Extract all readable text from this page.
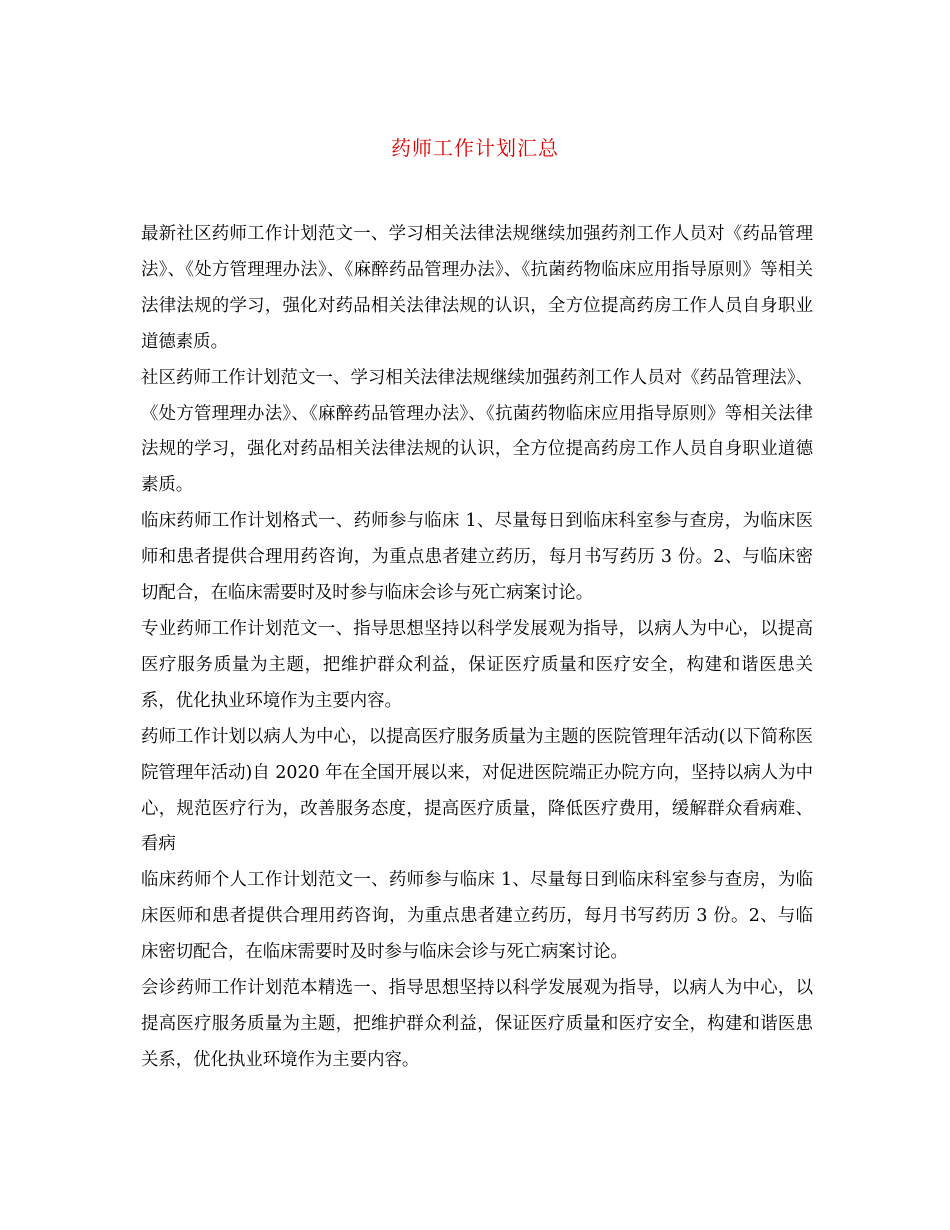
药师工作计划汇总

最新社区药师工作计划范文一、学习相关法律法规继续加强药剂工作人员对《药品管理法》、《处方管理理办法》、《麻醉药品管理办法》、《抗菌药物临床应用指导原则》等相关法律法规的学习，强化对药品相关法律法规的认识，全方位提高药房工作人员自身职业道德素质。

社区药师工作计划范文一、学习相关法律法规继续加强药剂工作人员对《药品管理法》、《处方管理理办法》、《麻醉药品管理办法》、《抗菌药物临床应用指导原则》等相关法律法规的学习，强化对药品相关法律法规的认识，全方位提高药房工作人员自身职业道德素质。

临床药师工作计划格式一、药师参与临床 1、尽量每日到临床科室参与查房，为临床医师和患者提供合理用药咨询，为重点患者建立药历，每月书写药历 3 份。2、与临床密切配合，在临床需要时及时参与临床会诊与死亡病案讨论。

专业药师工作计划范文一、指导思想坚持以科学发展观为指导，以病人为中心，以提高医疗服务质量为主题，把维护群众利益，保证医疗质量和医疗安全，构建和谐医患关系，优化执业环境作为主要内容。

药师工作计划以病人为中心，以提高医疗服务质量为主题的医院管理年活动(以下简称医院管理年活动)自 2020 年在全国开展以来，对促进医院端正办院方向，坚持以病人为中心，规范医疗行为，改善服务态度，提高医疗质量，降低医疗费用，缓解群众看病难、看病

临床药师个人工作计划范文一、药师参与临床 1、尽量每日到临床科室参与查房，为临床医师和患者提供合理用药咨询，为重点患者建立药历，每月书写药历 3 份。2、与临床密切配合，在临床需要时及时参与临床会诊与死亡病案讨论。

会诊药师工作计划范本精选一、指导思想坚持以科学发展观为指导，以病人为中心，以提高医疗服务质量为主题，把维护群众利益，保证医疗质量和医疗安全，构建和谐医患关系，优化执业环境作为主要内容。
